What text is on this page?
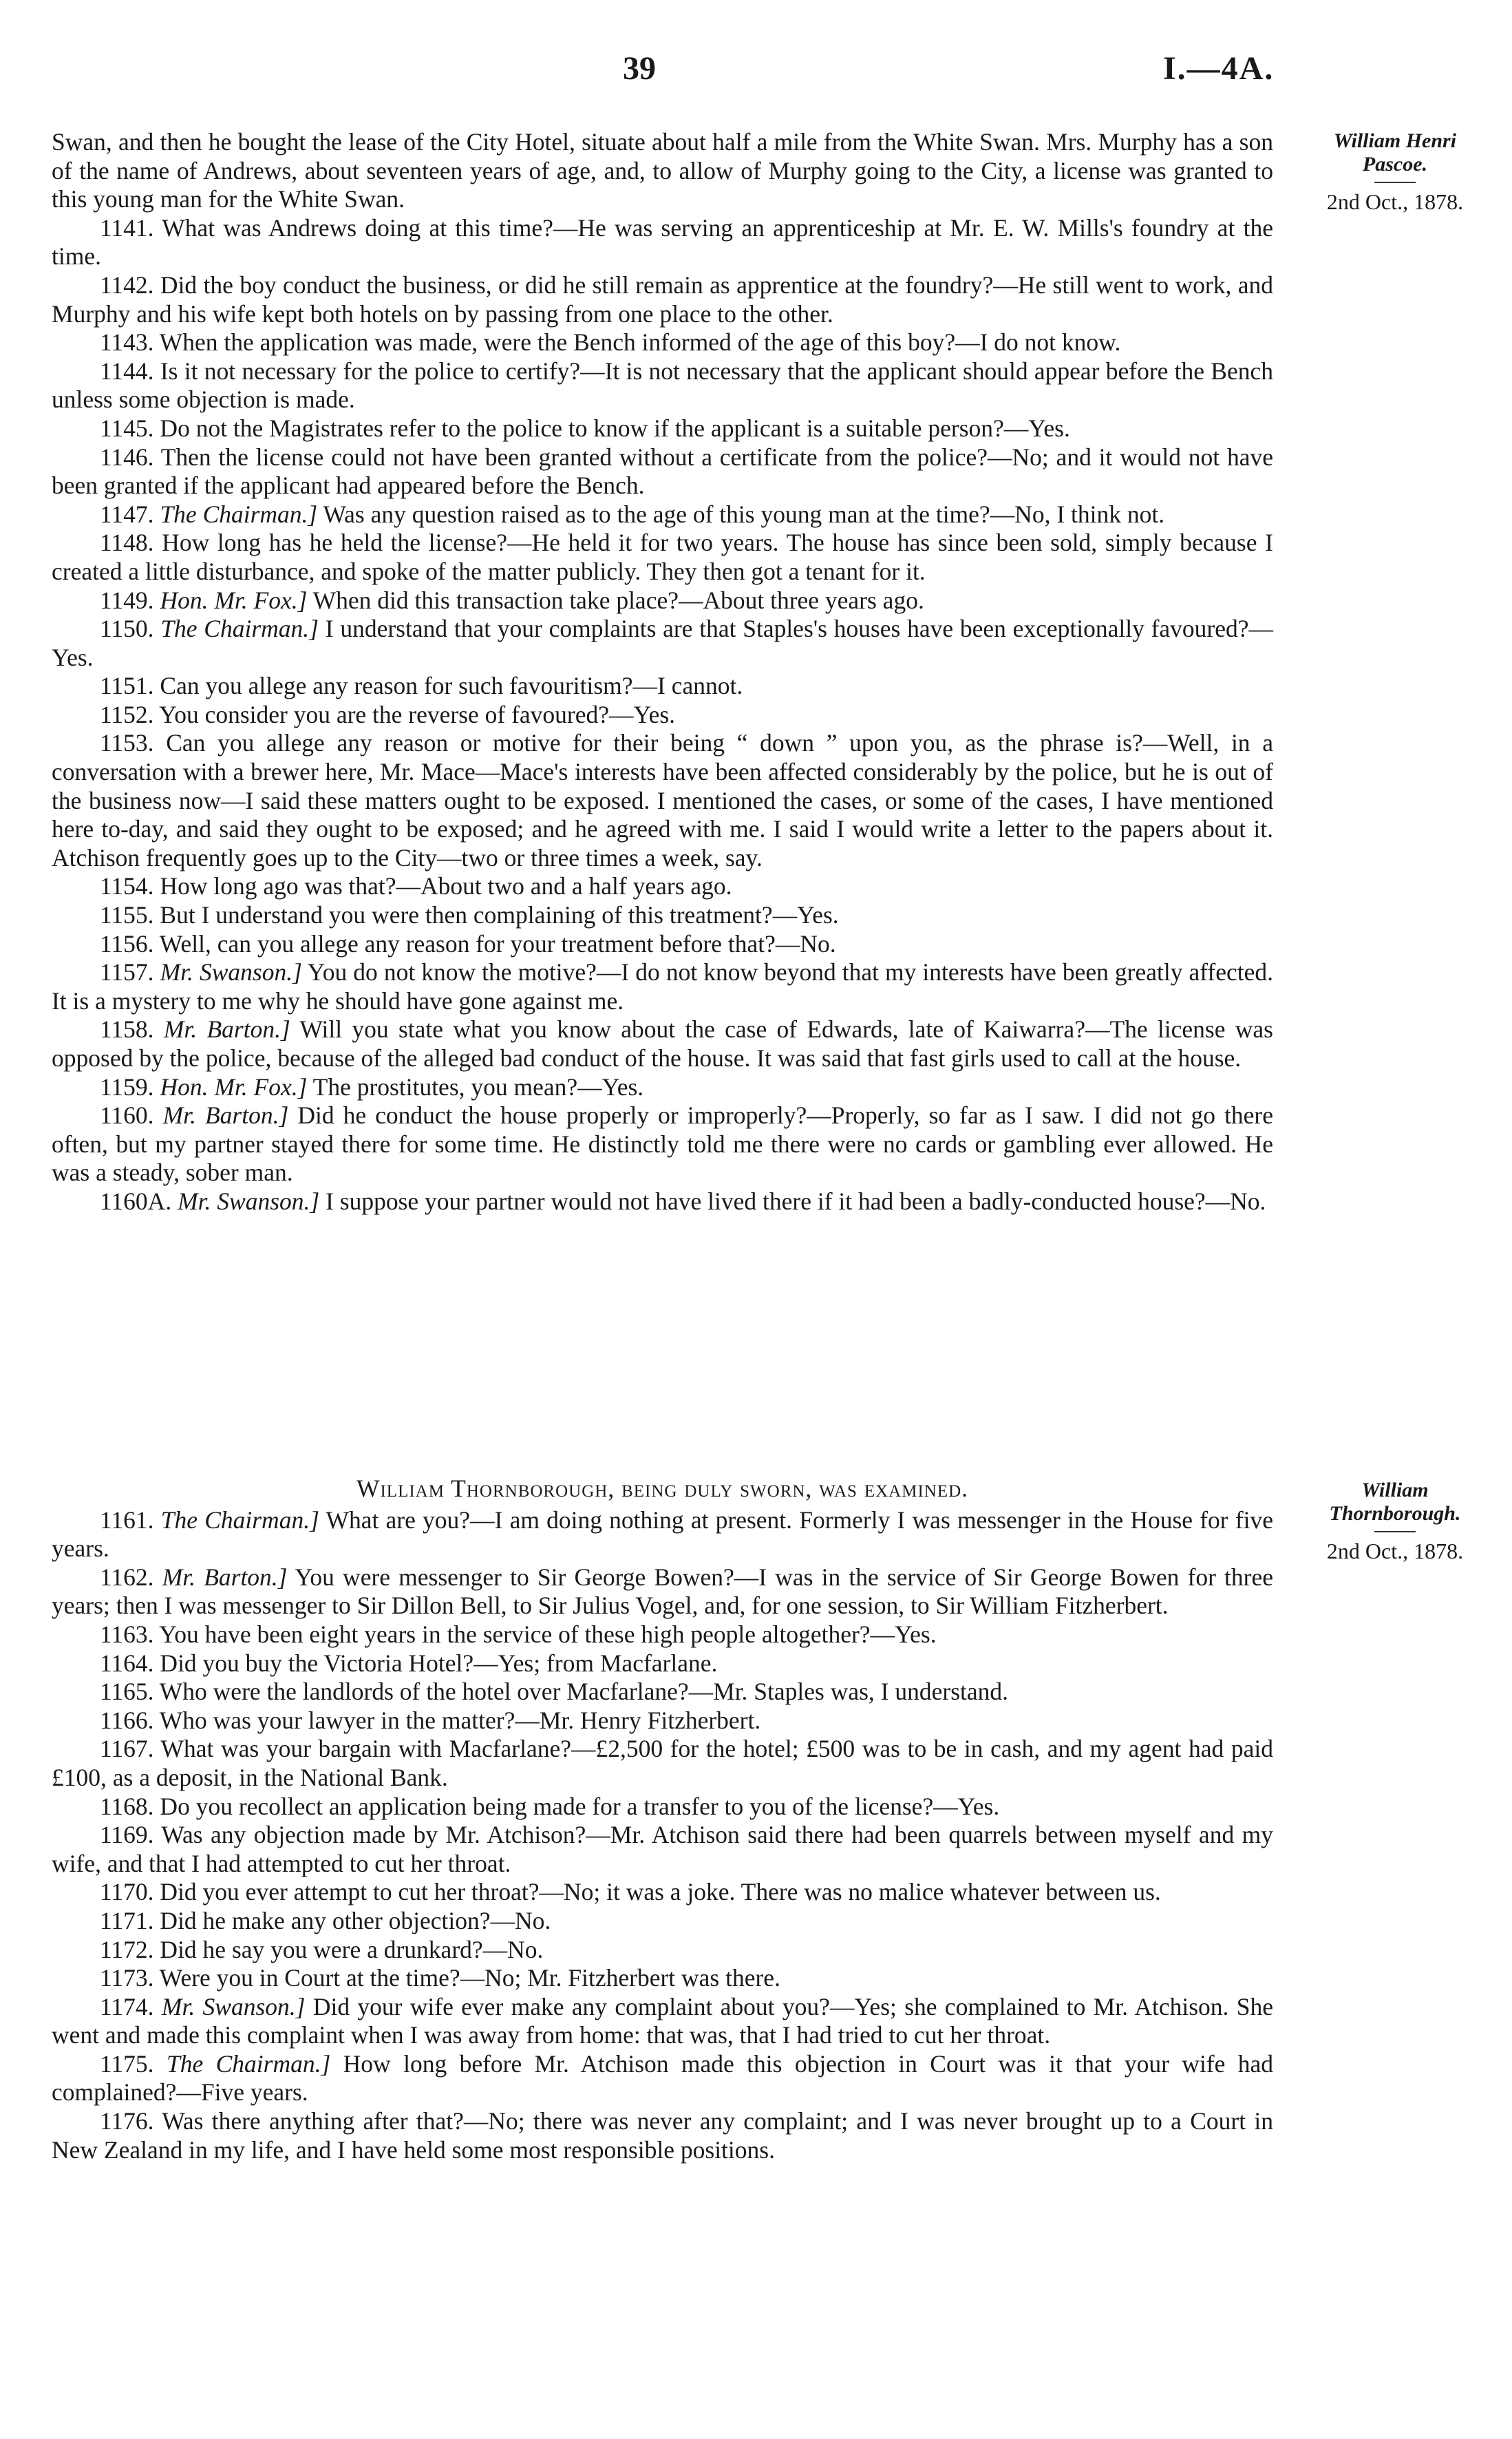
39	I.—4A.
William Henri
Pascoe.
2nd Oct., 1878.

Swan, and then he bought the lease of the City Hotel, situate about half a mile from the White Swan. Mrs. Murphy has a son of the name of Andrews, about seventeen years of age, and, to allow of Murphy going to the City, a license was granted to this young man for the White Swan.

1141. What was Andrews doing at this time?—He was serving an apprenticeship at Mr. E. W. Mills's foundry at the time.

1142. Did the boy conduct the business, or did he still remain as apprentice at the foundry?—He still went to work, and Murphy and his wife kept both hotels on by passing from one place to the other.

1143. When the application was made, were the Bench informed of the age of this boy?—I do not know.

1144. Is it not necessary for the police to certify?—It is not necessary that the applicant should appear before the Bench unless some objection is made.

1145. Do not the Magistrates refer to the police to know if the applicant is a suitable person?—Yes.

1146. Then the license could not have been granted without a certificate from the police?—No; and it would not have been granted if the applicant had appeared before the Bench.

1147. The Chairman.] Was any question raised as to the age of this young man at the time?—No, I think not.

1148. How long has he held the license?—He held it for two years. The house has since been sold, simply because I created a little disturbance, and spoke of the matter publicly. They then got a tenant for it.

1149. Hon. Mr. Fox.] When did this transaction take place?—About three years ago.

1150. The Chairman.] I understand that your complaints are that Staples's houses have been exceptionally favoured?—Yes.

1151. Can you allege any reason for such favouritism?—I cannot.

1152. You consider you are the reverse of favoured?—Yes.

1153. Can you allege any reason or motive for their being “ down ” upon you, as the phrase is?—Well, in a conversation with a brewer here, Mr. Mace—Mace's interests have been affected considerably by the police, but he is out of the business now—I said these matters ought to be exposed. I mentioned the cases, or some of the cases, I have mentioned here to-day, and said they ought to be exposed; and he agreed with me. I said I would write a letter to the papers about it. Atchison frequently goes up to the City—two or three times a week, say.

1154. How long ago was that?—About two and a half years ago.

1155. But I understand you were then complaining of this treatment?—Yes.

1156. Well, can you allege any reason for your treatment before that?—No.

1157. Mr. Swanson.] You do not know the motive?—I do not know beyond that my interests have been greatly affected. It is a mystery to me why he should have gone against me.

1158. Mr. Barton.] Will you state what you know about the case of Edwards, late of Kaiwarra?—The license was opposed by the police, because of the alleged bad conduct of the house. It was said that fast girls used to call at the house.

1159. Hon. Mr. Fox.] The prostitutes, you mean?—Yes.

1160. Mr. Barton.] Did he conduct the house properly or improperly?—Properly, so far as I saw. I did not go there often, but my partner stayed there for some time. He distinctly told me there were no cards or gambling ever allowed. He was a steady, sober man.

1160A. Mr. Swanson.] I suppose your partner would not have lived there if it had been a badly-conducted house?—No.

William
Thornborough.
2nd Oct., 1878.

William Thornborough, being duly sworn, was examined.

1161. The Chairman.] What are you?—I am doing nothing at present. Formerly I was messenger in the House for five years.

1162. Mr. Barton.] You were messenger to Sir George Bowen?—I was in the service of Sir George Bowen for three years; then I was messenger to Sir Dillon Bell, to Sir Julius Vogel, and, for one session, to Sir William Fitzherbert.

1163. You have been eight years in the service of these high people altogether?—Yes.

1164. Did you buy the Victoria Hotel?—Yes; from Macfarlane.

1165. Who were the landlords of the hotel over Macfarlane?—Mr. Staples was, I understand.

1166. Who was your lawyer in the matter?—Mr. Henry Fitzherbert.

1167. What was your bargain with Macfarlane?—£2,500 for the hotel; £500 was to be in cash, and my agent had paid £100, as a deposit, in the National Bank.

1168. Do you recollect an application being made for a transfer to you of the license?—Yes.

1169. Was any objection made by Mr. Atchison?—Mr. Atchison said there had been quarrels between myself and my wife, and that I had attempted to cut her throat.

1170. Did you ever attempt to cut her throat?—No; it was a joke. There was no malice whatever between us.

1171. Did he make any other objection?—No.

1172. Did he say you were a drunkard?—No.

1173. Were you in Court at the time?—No; Mr. Fitzherbert was there.

1174. Mr. Swanson.] Did your wife ever make any complaint about you?—Yes; she complained to Mr. Atchison. She went and made this complaint when I was away from home: that was, that I had tried to cut her throat.

1175. The Chairman.] How long before Mr. Atchison made this objection in Court was it that your wife had complained?—Five years.

1176. Was there anything after that?—No; there was never any complaint; and I was never brought up to a Court in New Zealand in my life, and I have held some most responsible positions.
